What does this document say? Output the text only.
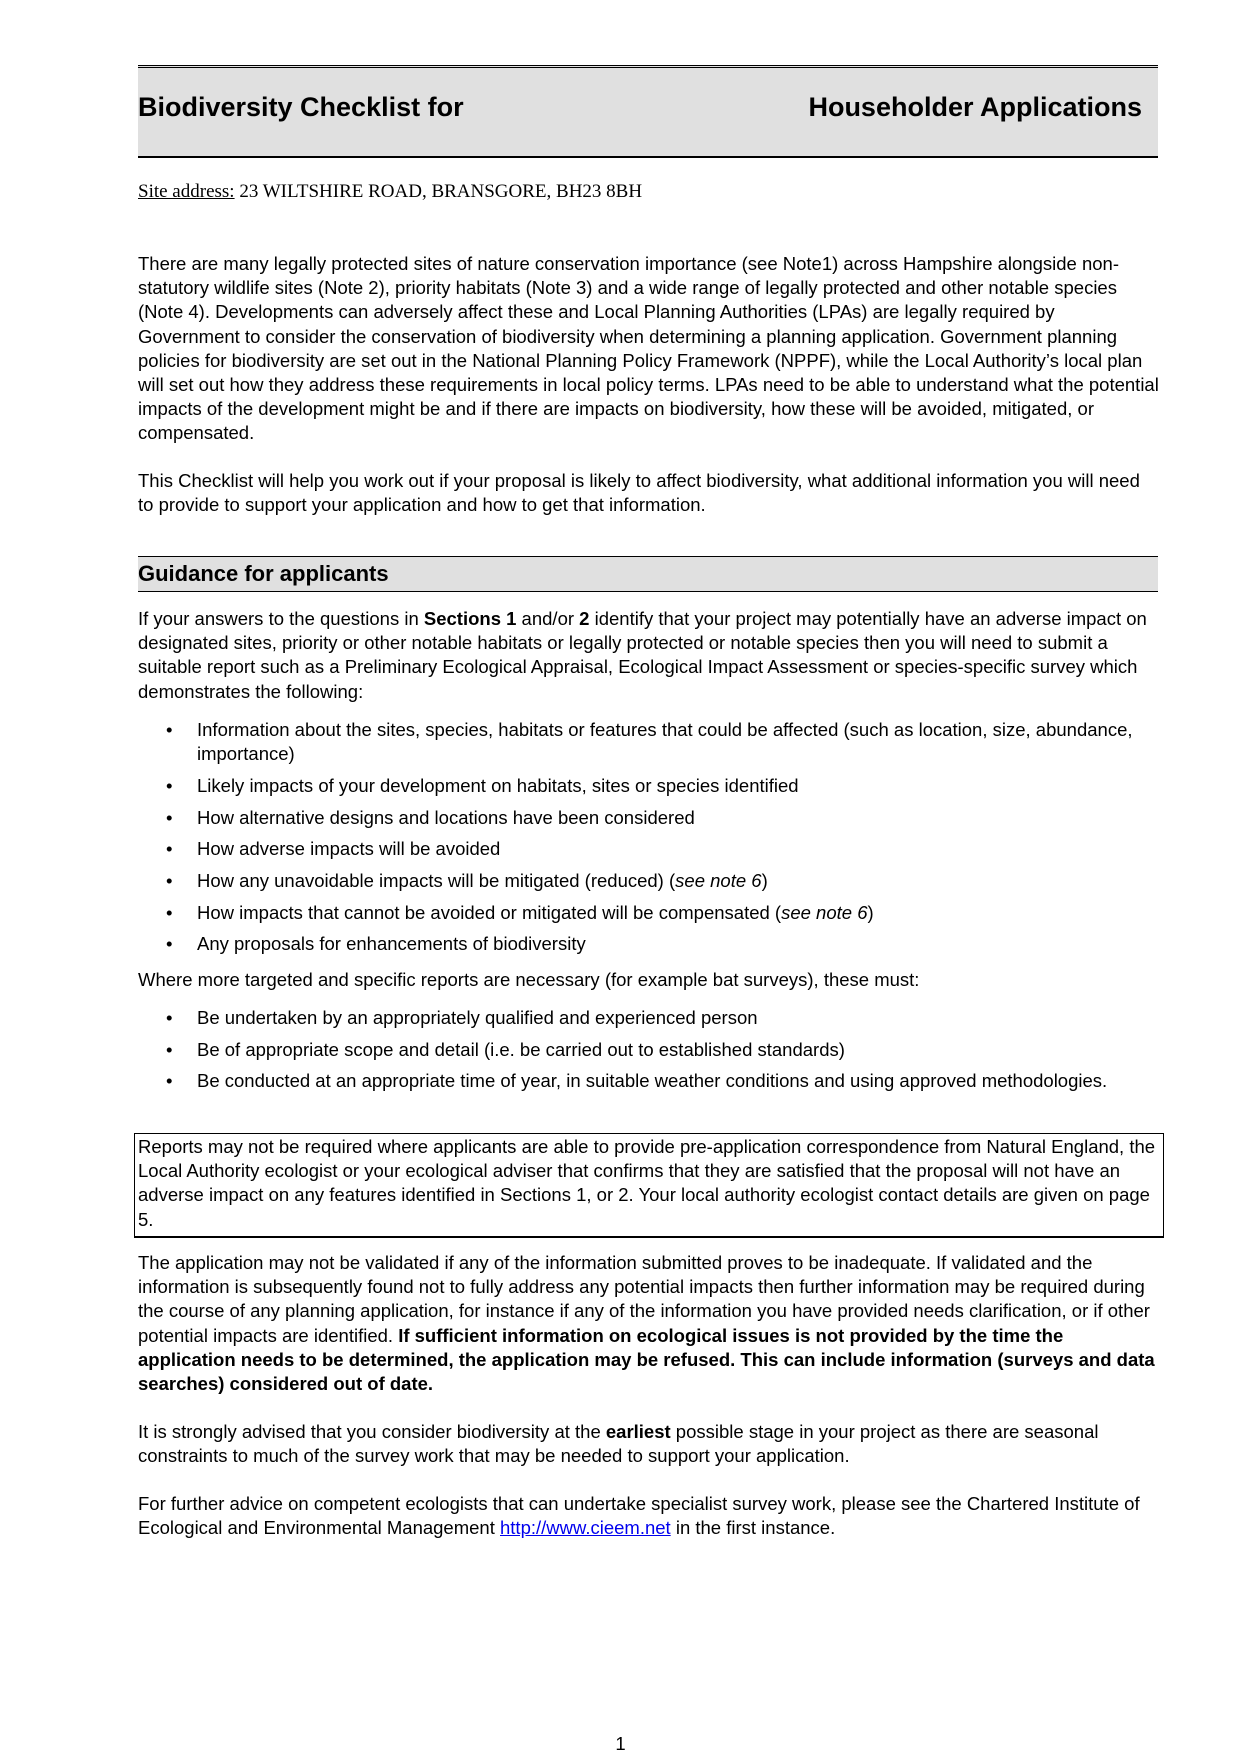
Biodiversity Checklist for	Householder Applications
Site address: 23 WILTSHIRE ROAD, BRANSGORE, BH23 8BH
There are many legally protected sites of nature conservation importance (see Note1) across Hampshire alongside non-statutory wildlife sites (Note 2), priority habitats (Note 3) and a wide range of legally protected and other notable species (Note 4). Developments can adversely affect these and Local Planning Authorities (LPAs) are legally required by Government to consider the conservation of biodiversity when determining a planning application. Government planning policies for biodiversity are set out in the National Planning Policy Framework (NPPF), while the Local Authority’s local plan will set out how they address these requirements in local policy terms. LPAs need to be able to understand what the potential impacts of the development might be and if there are impacts on biodiversity, how these will be avoided, mitigated, or compensated.
This Checklist will help you work out if your proposal is likely to affect biodiversity, what additional information you will need to provide to support your application and how to get that information.
Guidance for applicants
If your answers to the questions in Sections 1 and/or 2 identify that your project may potentially have an adverse impact on designated sites, priority or other notable habitats or legally protected or notable species then you will need to submit a suitable report such as a Preliminary Ecological Appraisal, Ecological Impact Assessment or species-specific survey which demonstrates the following:
• Information about the sites, species, habitats or features that could be affected (such as location, size, abundance, importance)
• Likely impacts of your development on habitats, sites or species identified
• How alternative designs and locations have been considered
• How adverse impacts will be avoided
• How any unavoidable impacts will be mitigated (reduced) (see note 6)
• How impacts that cannot be avoided or mitigated will be compensated (see note 6)
• Any proposals for enhancements of biodiversity
Where more targeted and specific reports are necessary (for example bat surveys), these must:
• Be undertaken by an appropriately qualified and experienced person
• Be of appropriate scope and detail (i.e. be carried out to established standards)
• Be conducted at an appropriate time of year, in suitable weather conditions and using approved methodologies.
Reports may not be required where applicants are able to provide pre-application correspondence from Natural England, the Local Authority ecologist or your ecological adviser that confirms that they are satisfied that the proposal will not have an adverse impact on any features identified in Sections 1, or 2. Your local authority ecologist contact details are given on page 5.
The application may not be validated if any of the information submitted proves to be inadequate. If validated and the information is subsequently found not to fully address any potential impacts then further information may be required during the course of any planning application, for instance if any of the information you have provided needs clarification, or if other potential impacts are identified. If sufficient information on ecological issues is not provided by the time the application needs to be determined, the application may be refused. This can include information (surveys and data searches) considered out of date.
It is strongly advised that you consider biodiversity at the earliest possible stage in your project as there are seasonal constraints to much of the survey work that may be needed to support your application.
For further advice on competent ecologists that can undertake specialist survey work, please see the Chartered Institute of Ecological and Environmental Management http://www.cieem.net in the first instance.
1
